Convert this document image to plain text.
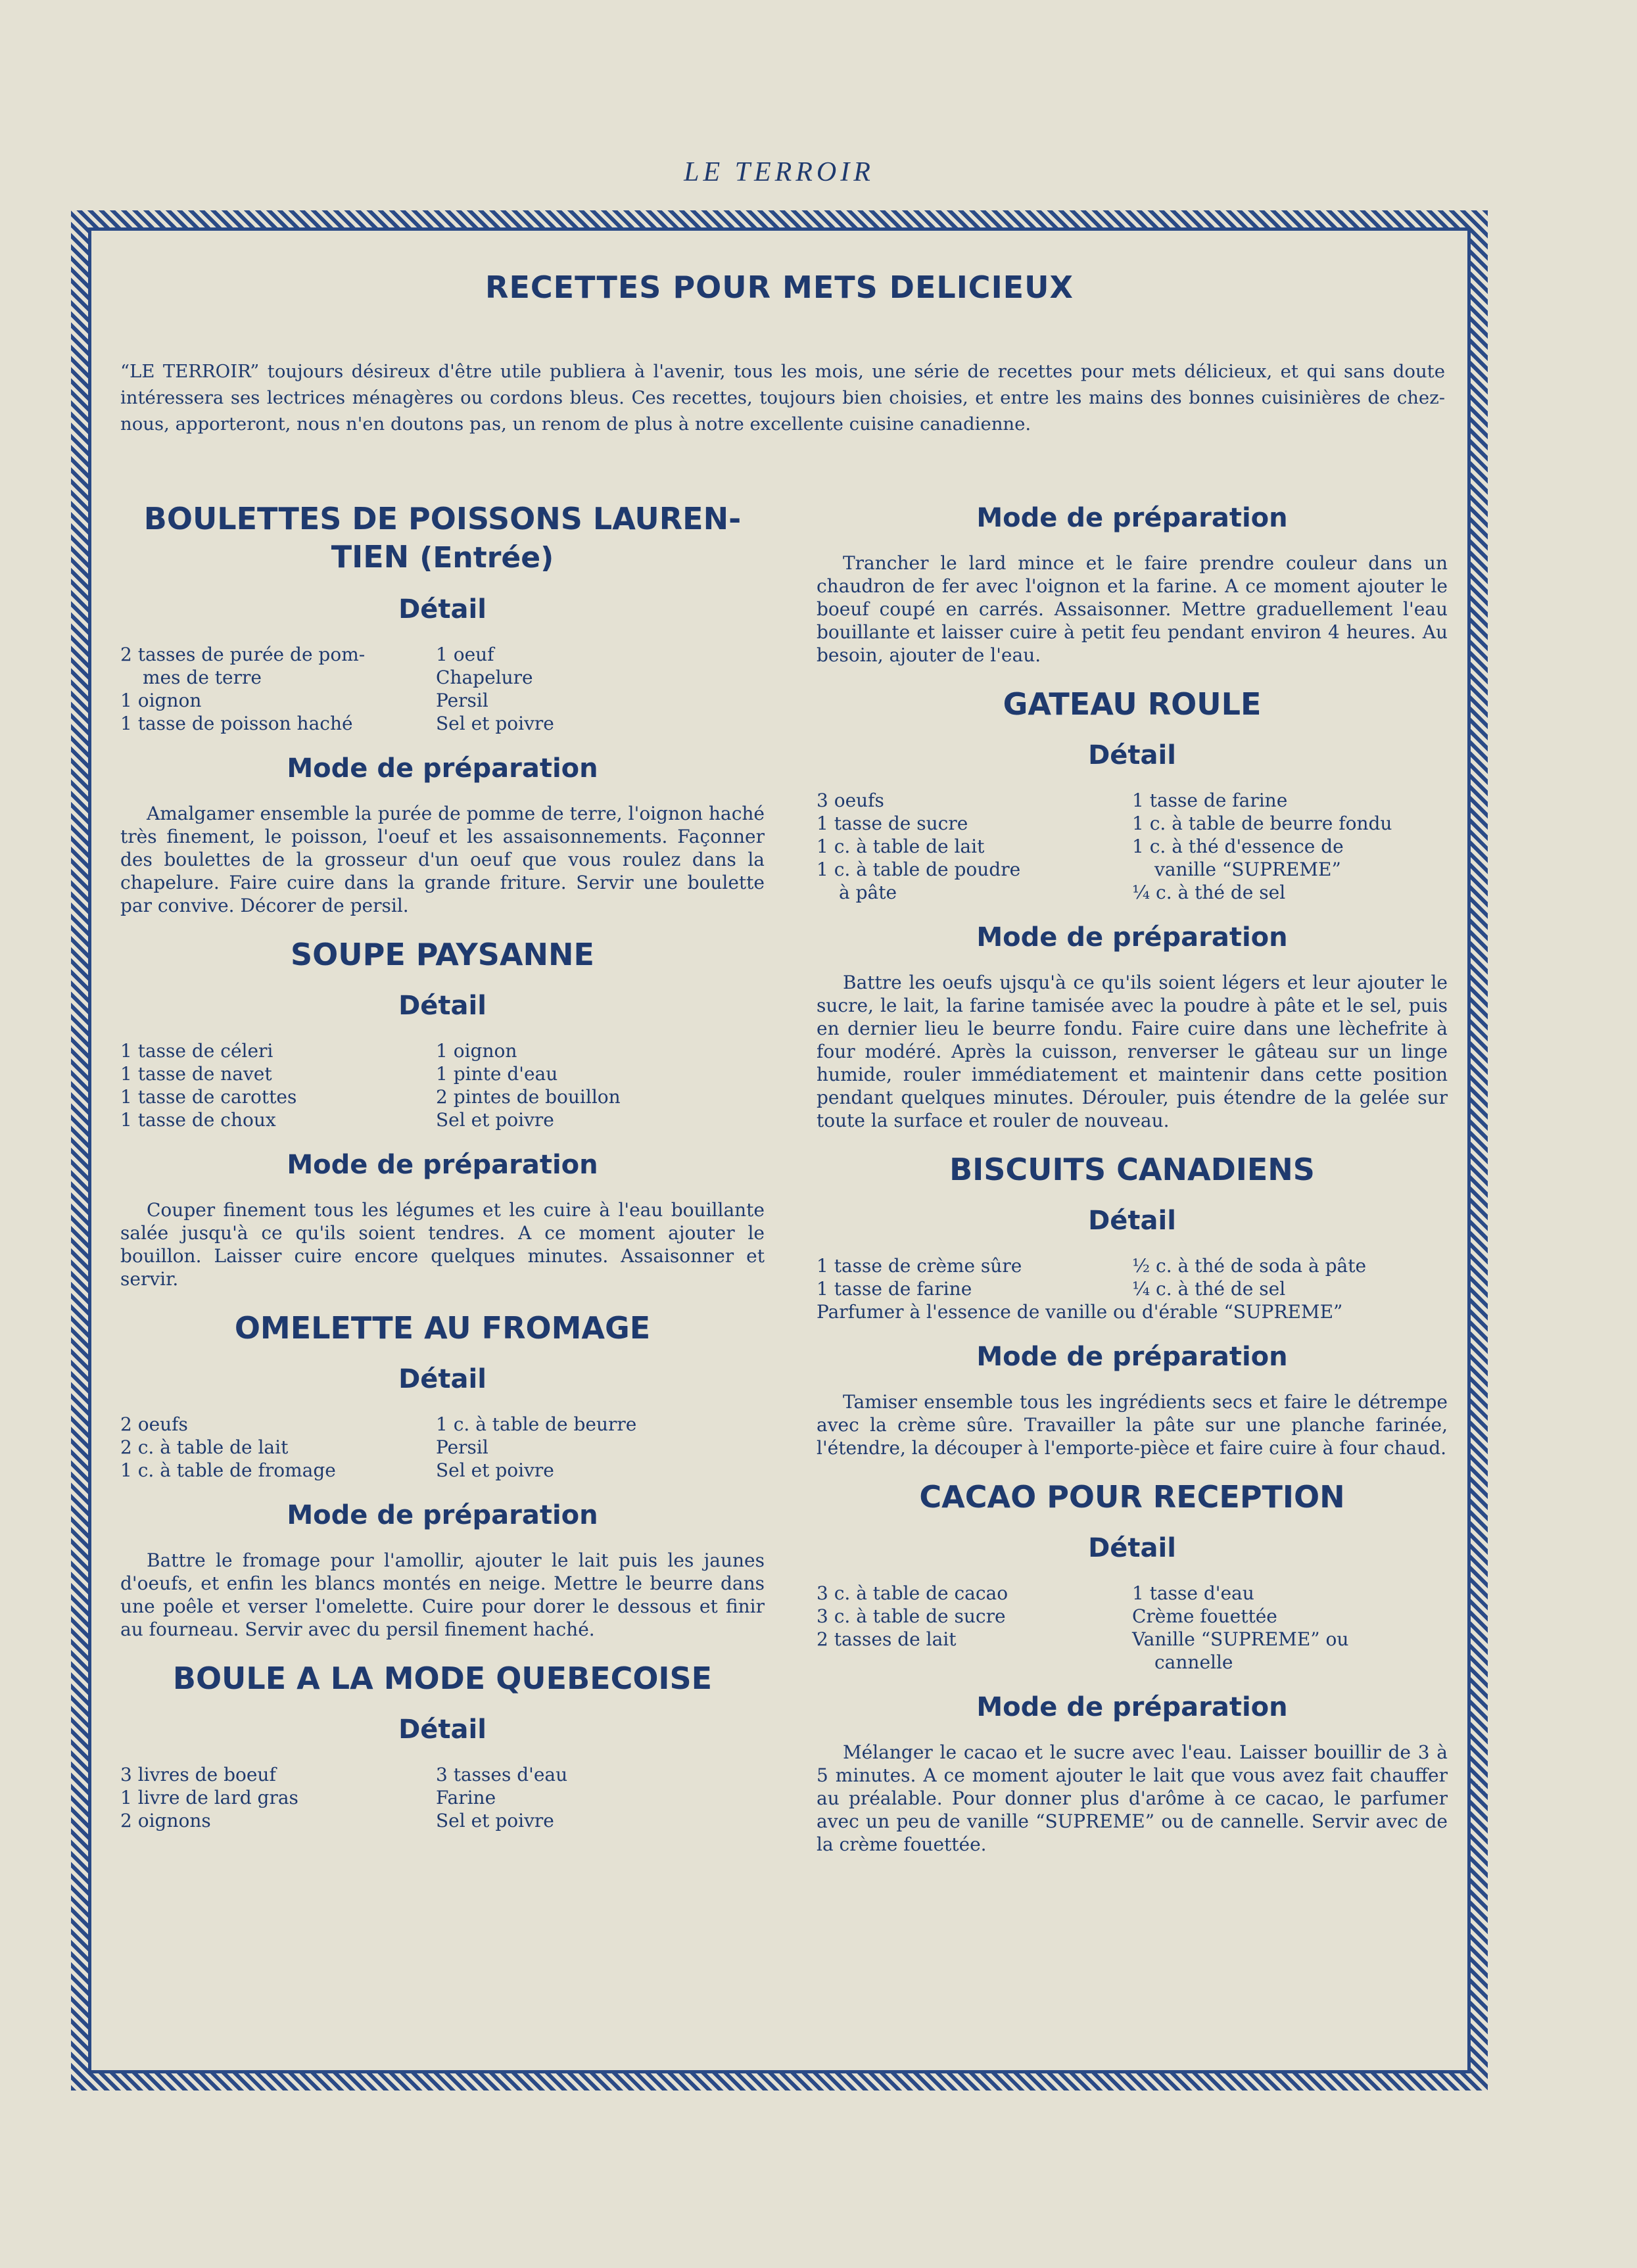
LE TERROIR
RECETTES POUR METS DELICIEUX
“LE TERROIR” toujours désireux d'être utile publiera à l'avenir, tous les mois, une série de recettes pour mets délicieux, et qui sans doute intéressera ses lectrices ménagères ou cordons bleus. Ces recettes, toujours bien choisies, et entre les mains des bonnes cuisinières de chez-nous, apporteront, nous n'en doutons pas, un renom de plus à notre excellente cuisine canadienne.
BOULETTES DE POISSONS LAUREN-
TIEN (Entrée)
Détail
2 tasses de purée de pom-
mes de terre
1 oignon
1 tasse de poisson haché
1 oeuf
Chapelure
Persil
Sel et poivre
Mode de préparation

Amalgamer ensemble la purée de pomme de terre, l'oignon haché très finement, le poisson, l'oeuf et les assaisonnements. Façonner des boulettes de la grosseur d'un oeuf que vous roulez dans la chapelure. Faire cuire dans la grande friture. Servir une boulette par convive. Décorer de persil.

SOUPE PAYSANNE
Détail
1 tasse de céleri
1 tasse de navet
1 tasse de carottes
1 tasse de choux
1 oignon
1 pinte d'eau
2 pintes de bouillon
Sel et poivre
Mode de préparation

Couper finement tous les légumes et les cuire à l'eau bouillante salée jusqu'à ce qu'ils soient tendres. A ce moment ajouter le bouillon. Laisser cuire encore quelques minutes. Assaisonner et servir.

OMELETTE AU FROMAGE
Détail
2 oeufs
2 c. à table de lait
1 c. à table de fromage
1 c. à table de beurre
Persil
Sel et poivre
Mode de préparation

Battre le fromage pour l'amollir, ajouter le lait puis les jaunes d'oeufs, et enfin les blancs montés en neige. Mettre le beurre dans une poêle et verser l'omelette. Cuire pour dorer le dessous et finir au fourneau. Servir avec du persil finement haché.

BOULE A LA MODE QUEBECOISE
Détail
3 livres de boeuf
1 livre de lard gras
2 oignons
3 tasses d'eau
Farine
Sel et poivre
Mode de préparation

Trancher le lard mince et le faire prendre couleur dans un chaudron de fer avec l'oignon et la farine. A ce moment ajouter le boeuf coupé en carrés. Assaisonner. Mettre graduellement l'eau bouillante et laisser cuire à petit feu pendant environ 4 heures. Au besoin, ajouter de l'eau.

GATEAU ROULE
Détail
3 oeufs
1 tasse de sucre
1 c. à table de lait
1 c. à table de poudre
à pâte
1 tasse de farine
1 c. à table de beurre fondu
1 c. à thé d'essence de
vanille “SUPREME”
¼ c. à thé de sel
Mode de préparation

Battre les oeufs ujsqu'à ce qu'ils soient légers et leur ajouter le sucre, le lait, la farine tamisée avec la poudre à pâte et le sel, puis en dernier lieu le beurre fondu. Faire cuire dans une lèchefrite à four modéré. Après la cuisson, renverser le gâteau sur un linge humide, rouler immédiatement et maintenir dans cette position pendant quelques minutes. Dérouler, puis étendre de la gelée sur toute la surface et rouler de nouveau.

BISCUITS CANADIENS
Détail
1 tasse de crème sûre
1 tasse de farine
½ c. à thé de soda à pâte
¼ c. à thé de sel
Parfumer à l'essence de vanille ou d'érable “SUPREME”
Mode de préparation

Tamiser ensemble tous les ingrédients secs et faire le détrempe avec la crème sûre. Travailler la pâte sur une planche farinée, l'étendre, la découper à l'emporte-pièce et faire cuire à four chaud.

CACAO POUR RECEPTION
Détail
3 c. à table de cacao
3 c. à table de sucre
2 tasses de lait
1 tasse d'eau
Crème fouettée
Vanille “SUPREME” ou
cannelle
Mode de préparation

Mélanger le cacao et le sucre avec l'eau. Laisser bouillir de 3 à 5 minutes. A ce moment ajouter le lait que vous avez fait chauffer au préalable. Pour donner plus d'arôme à ce cacao, le parfumer avec un peu de vanille “SUPREME” ou de cannelle. Servir avec de la crème fouettée.
